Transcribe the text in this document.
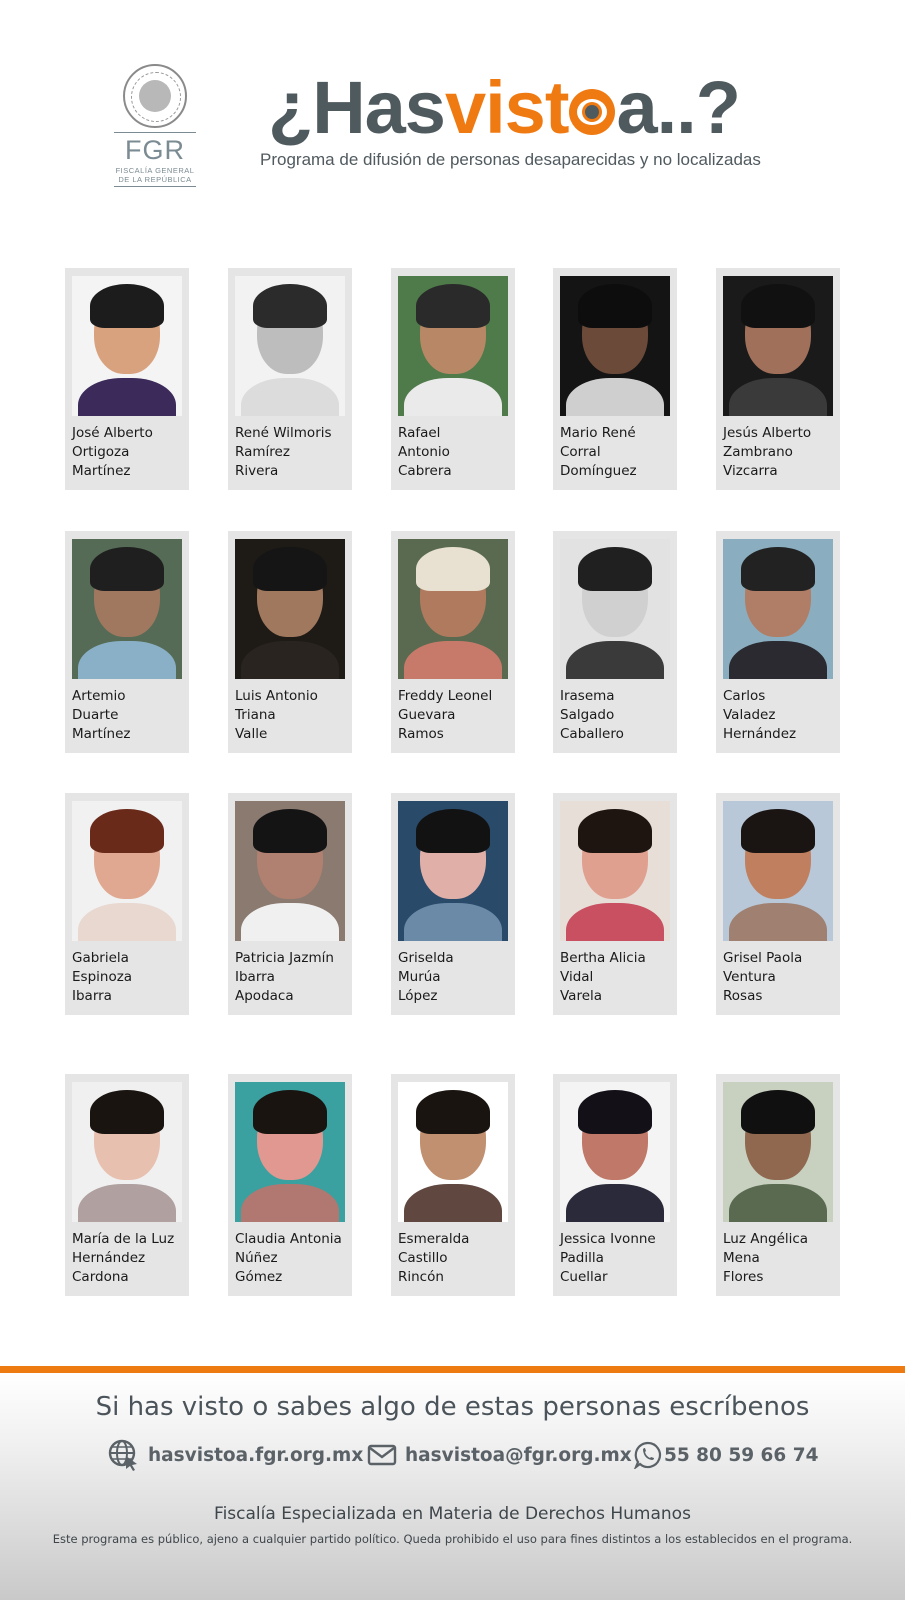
FGR
FISCALÍA GENERAL
DE LA REPÚBLICA
¿Hasvist a..?
Programa de difusión de personas desaparecidas y no localizadas
José Alberto
Ortigoza
Martínez
René Wilmoris
Ramírez
Rivera
Rafael
Antonio
Cabrera
Mario René
Corral
Domínguez
Jesús Alberto
Zambrano
Vizcarra
Artemio
Duarte
Martínez
Luis Antonio
Triana
Valle
Freddy Leonel
Guevara
Ramos
Irasema
Salgado
Caballero
Carlos
Valadez
Hernández
Gabriela
Espinoza
Ibarra
Patricia Jazmín
Ibarra
Apodaca
Griselda
Murúa
López
Bertha Alicia
Vidal
Varela
Grisel Paola
Ventura
Rosas
María de la Luz
Hernández
Cardona
Claudia Antonia
Núñez
Gómez
Esmeralda
Castillo
Rincón
Jessica Ivonne
Padilla
Cuellar
Luz Angélica
Mena
Flores
Si has visto o sabes algo de estas personas escríbenos
hasvistoa.fgr.org.mx hasvistoa@fgr.org.mx 55 80 59 66 74
Fiscalía Especializada en Materia de Derechos Humanos
Este programa es público, ajeno a cualquier partido político. Queda prohibido el uso para fines distintos a los establecidos en el programa.
